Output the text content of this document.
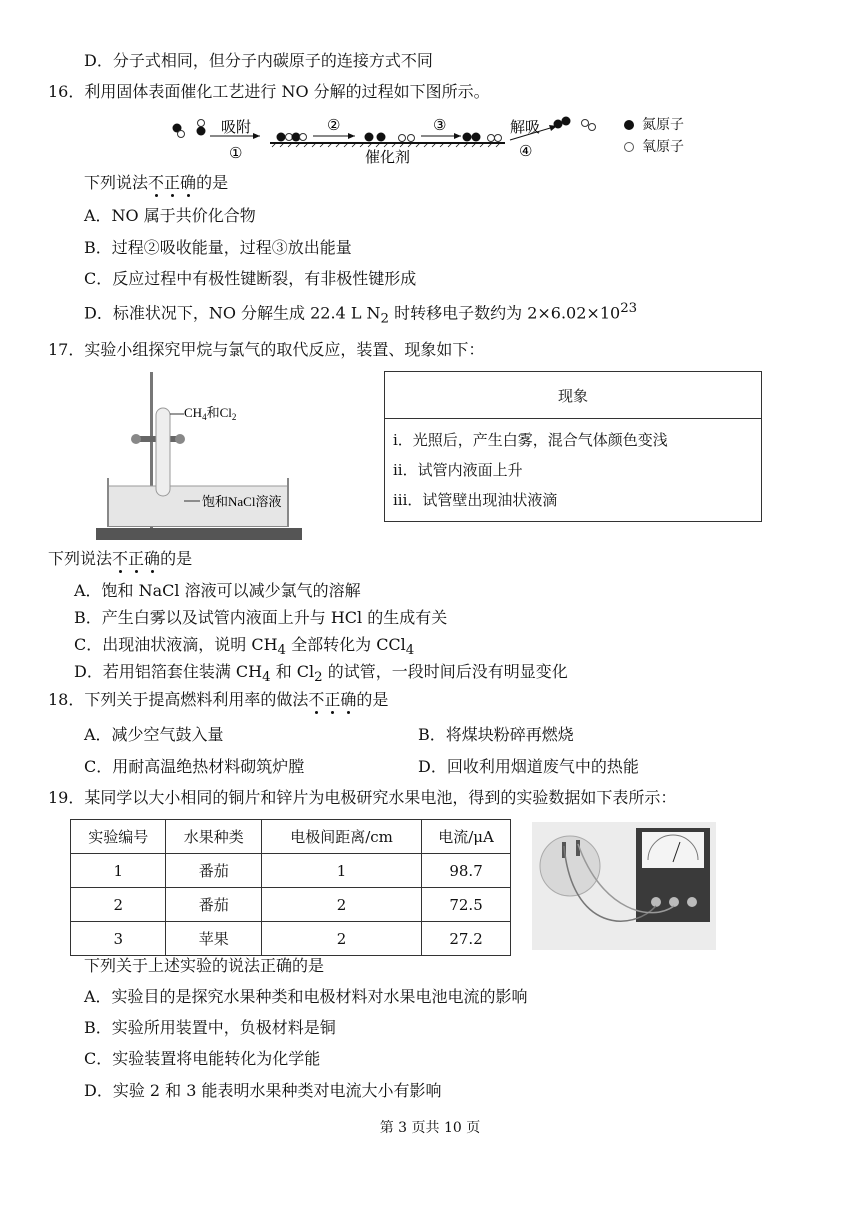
D．分子式相同，但分子内碳原子的连接方式不同
16．利用固体表面催化工艺进行 NO 分解的过程如下图所示。
吸附
①
②
催化剂
③	解吸
④
氮原子
氧原子
下列说法不正确的是
A．NO 属于共价化合物
B．过程②吸收能量，过程③放出能量
C．反应过程中有极性键断裂，有非极性键形成
D．标准状况下，NO 分解生成 22.4 L $N_2$ 时转移电子数约为 $2\times 6.02\times 10^{23}$
17．实验小组探究甲烷与氯气的取代反应，装置、现象如下：
$CH_4$和$Cl_2$
饱和NaCl溶液
现象

i．光照后，产生白雾，混合气体颜色变浅
ii．试管内液面上升
iii．试管壁出现油状液滴
下列说法不正确的是
A．饱和 NaCl 溶液可以减少氯气的溶解
B．产生白雾以及试管内液面上升与 HCl 的生成有关
C．出现油状液滴，说明 $CH_4$ 全部转化为 CCl$_4$
D．若用铝箔套住装满 $CH_4$ 和 $Cl_2$ 的试管，一段时间后没有明显变化
18．下列关于提高燃料利用率的做法不正确的是
A．减少空气鼓入量	B．将煤块粉碎再燃烧
C．用耐高温绝热材料砌筑炉膛	D．回收利用烟道废气中的热能
19．某同学以大小相同的铜片和锌片为电极研究水果电池，得到的实验数据如下表所示：
实验编号	水果种类	电极间距离/cm	电流/μA
1	番茄	1	98.7
2	番茄	2	72.5
3	苹果	2	27.2
下列关于上述实验的说法正确的是
A．实验目的是探究水果种类和电极材料对水果电池电流的影响
B．实验所用装置中，负极材料是铜
C．实验装置将电能转化为化学能
D．实验 2 和 3 能表明水果种类对电流大小有影响
第 3 页共 10 页
